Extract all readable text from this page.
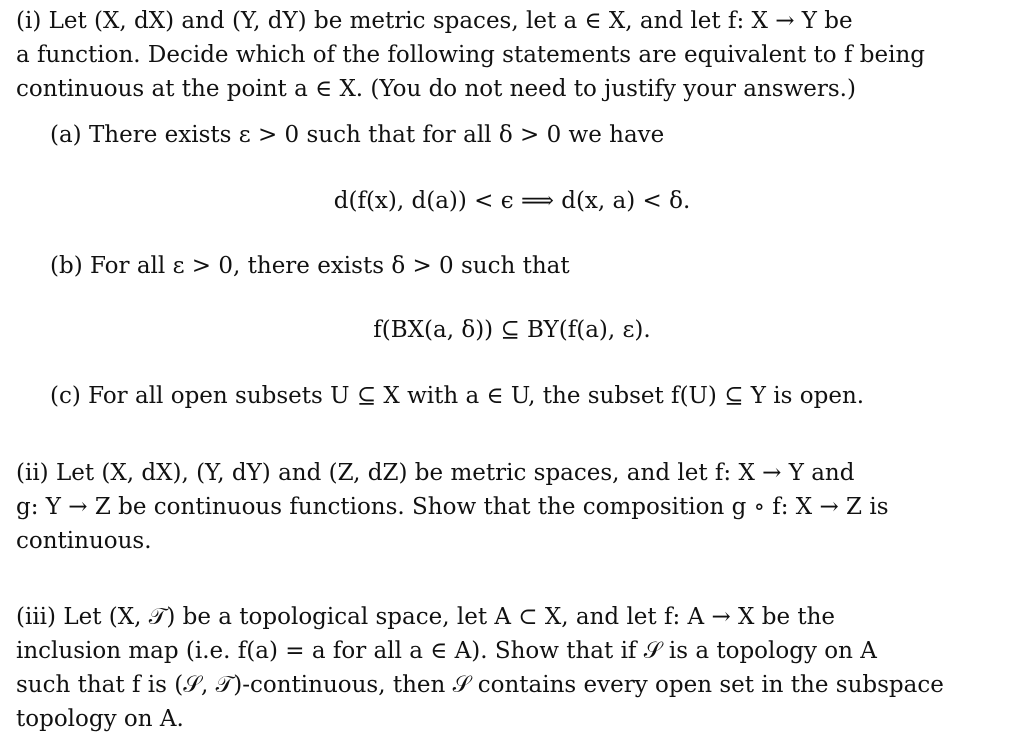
(i) Let (X, dX) and (Y, dY) be metric spaces, let a ∈ X, and let f: X → Y be
a function. Decide which of the following statements are equivalent to f being
continuous at the point a ∈ X. (You do not need to justify your answers.)
(a) There exists ε > 0 such that for all δ > 0 we have
d(f(x), d(a)) < ϵ ⟹ d(x, a) < δ.
(b) For all ε > 0, there exists δ > 0 such that
f(BX(a, δ)) ⊆ BY(f(a), ε).
(c) For all open subsets U ⊆ X with a ∈ U, the subset f(U) ⊆ Y is open.
(ii) Let (X, dX), (Y, dY) and (Z, dZ) be metric spaces, and let f: X → Y and
g: Y → Z be continuous functions. Show that the composition g ∘ f: X → Z is
continuous.
(iii) Let (X, 𝒯) be a topological space, let A ⊂ X, and let f: A → X be the
inclusion map (i.e. f(a) = a for all a ∈ A). Show that if 𝒮 is a topology on A
such that f is (𝒮, 𝒯)-continuous, then 𝒮 contains every open set in the subspace
topology on A.
